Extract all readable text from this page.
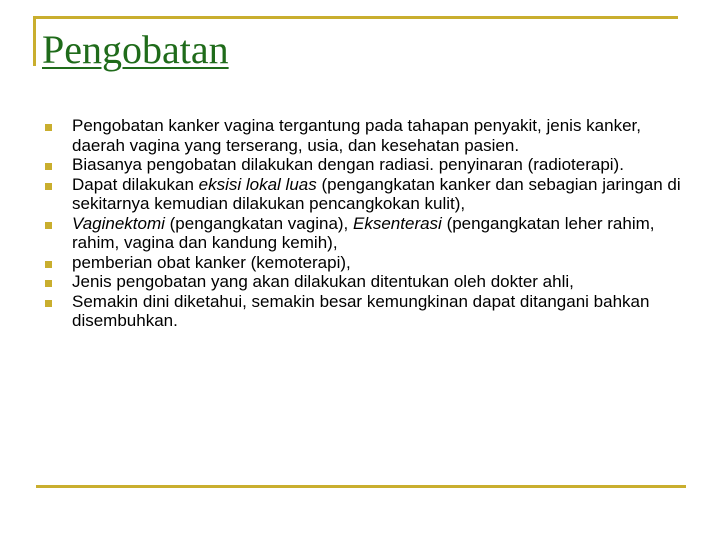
Pengobatan
Pengobatan kanker vagina tergantung pada tahapan penyakit, jenis kanker, daerah vagina yang terserang, usia, dan kesehatan pasien.
Biasanya pengobatan dilakukan dengan radiasi. penyinaran (radioterapi).
Dapat dilakukan eksisi lokal luas (pengangkatan kanker dan sebagian jaringan di sekitarnya kemudian dilakukan pencangkokan kulit),
Vaginektomi (pengangkatan vagina), Eksenterasi (pengangkatan leher rahim, rahim, vagina dan kandung kemih),
pemberian obat kanker (kemoterapi),
Jenis pengobatan yang akan dilakukan ditentukan oleh dokter ahli,
Semakin dini diketahui, semakin besar kemungkinan dapat ditangani bahkan disembuhkan.
